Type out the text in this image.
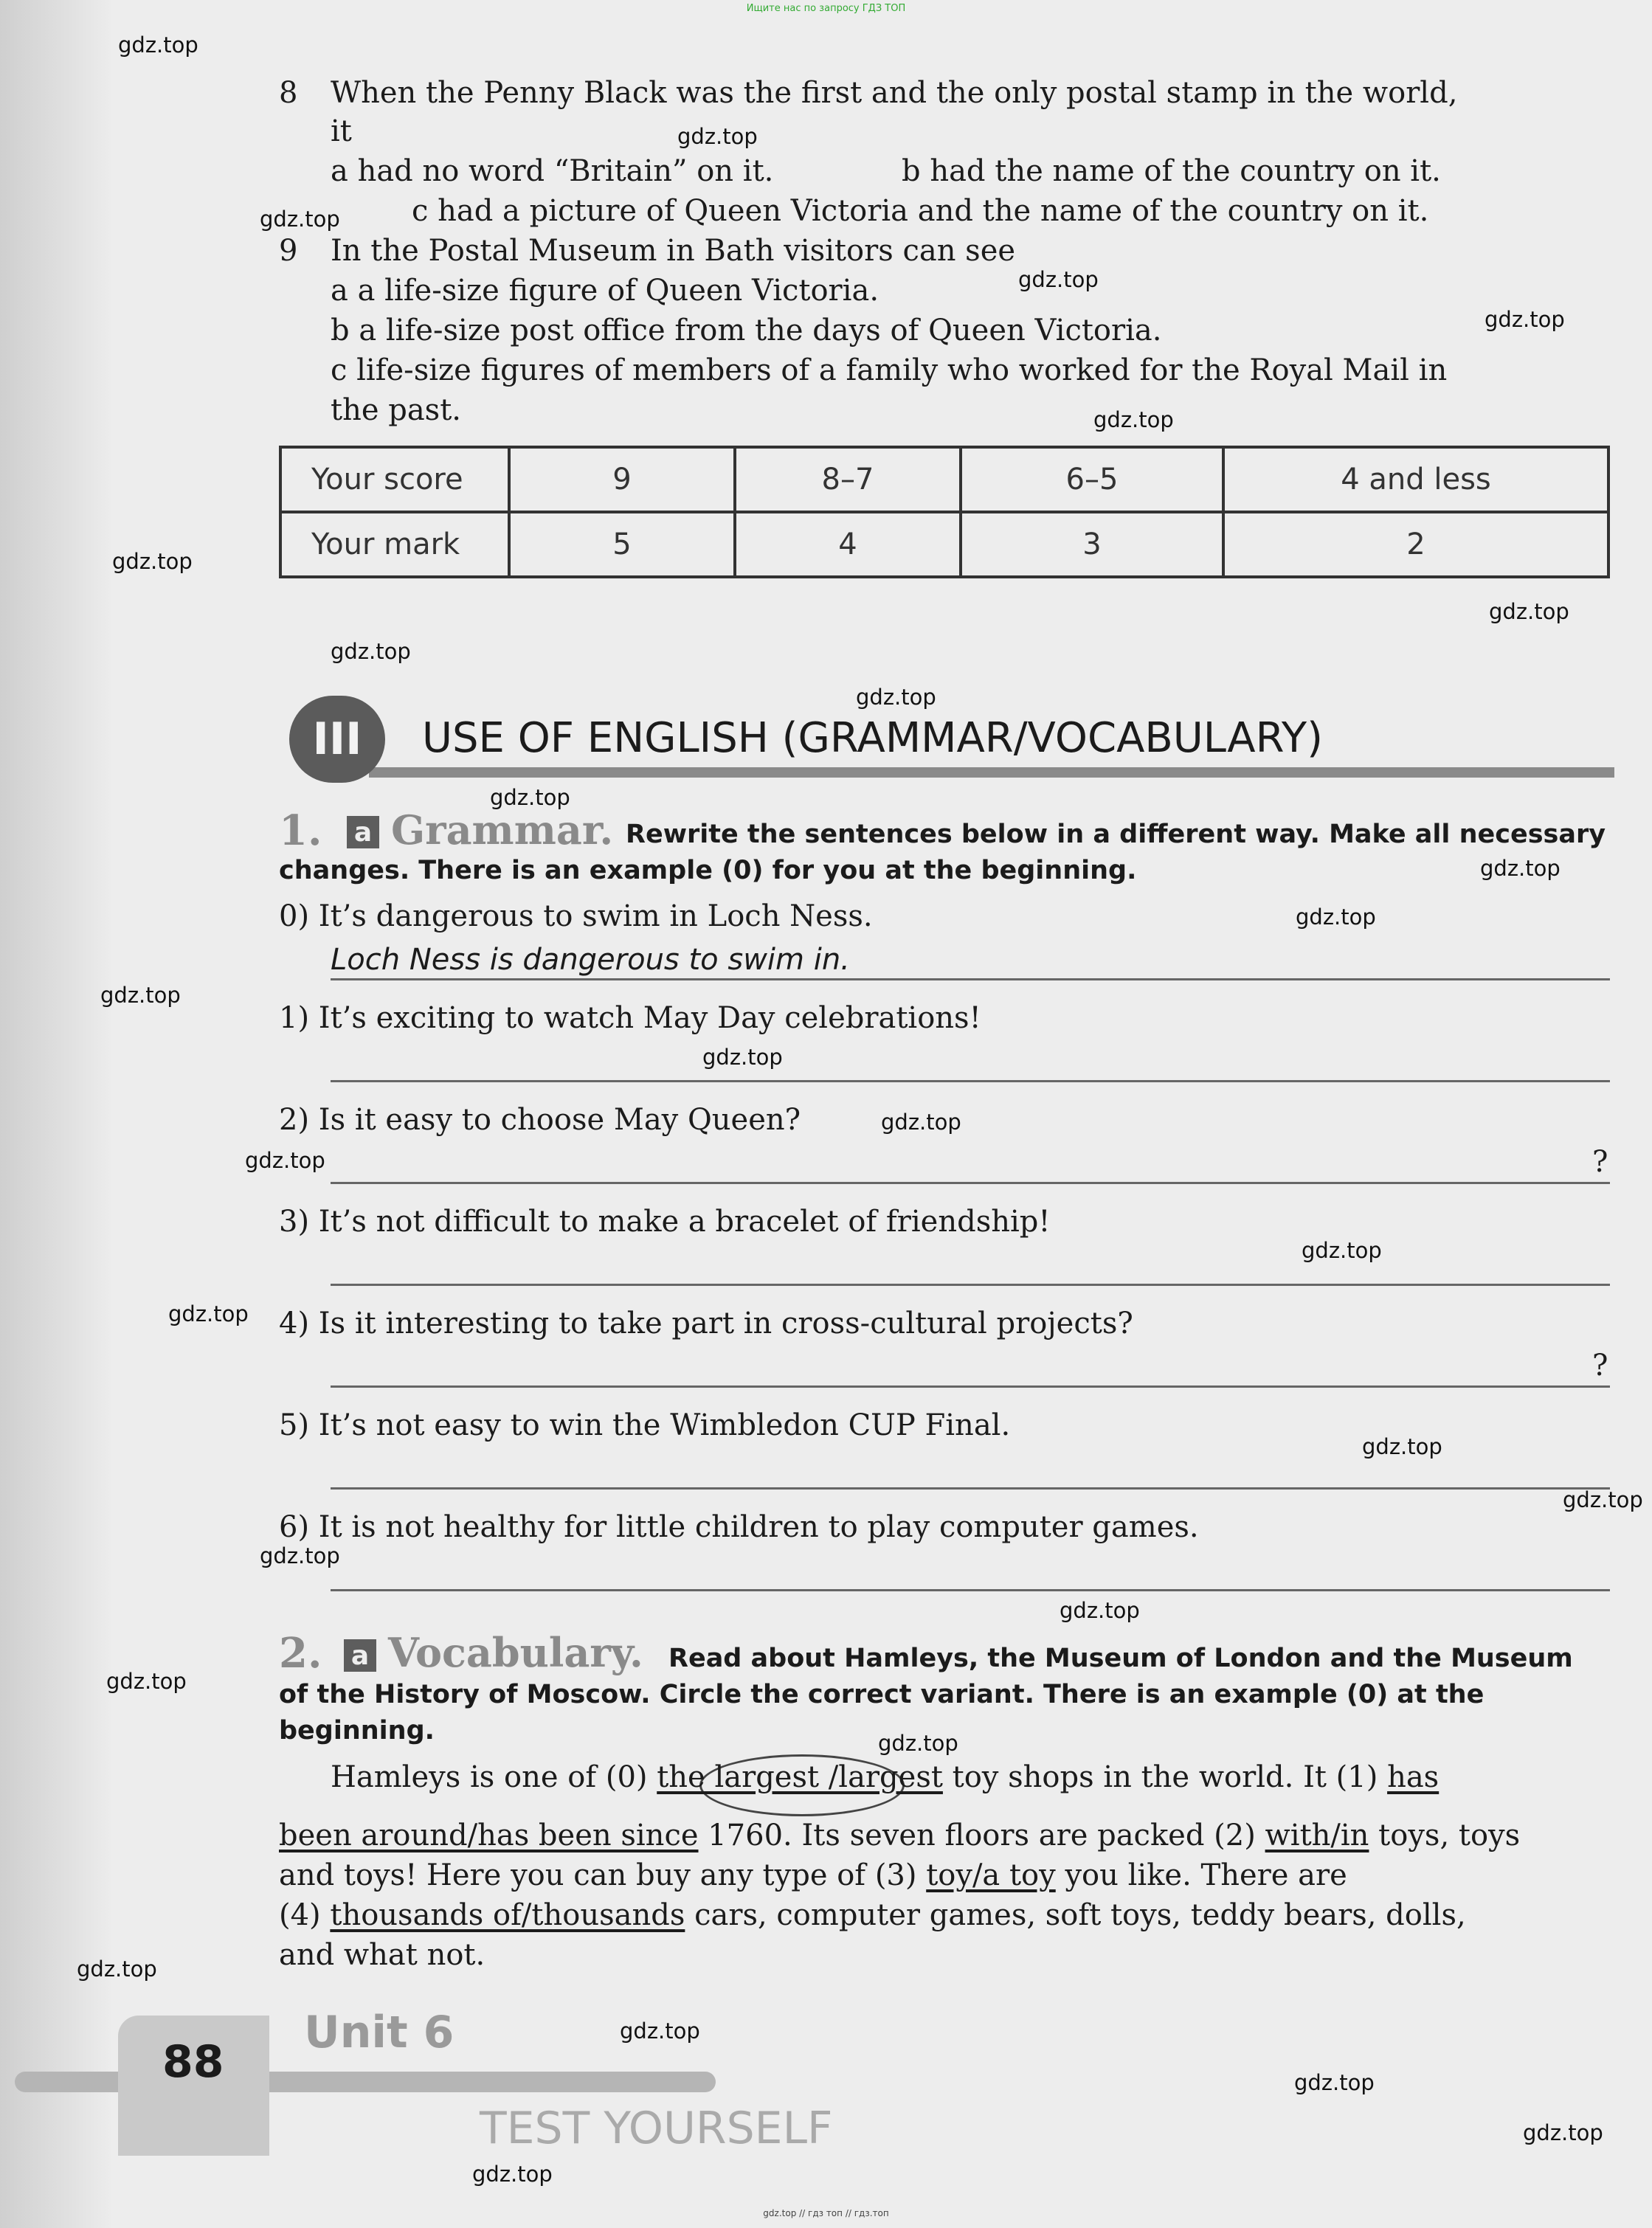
Ищите нас по запросу ГДЗ ТОП
8 When the Penny Black was the first and the only postal stamp in the world,
it
a had no word “Britain” on it.	b had the name of the country on it.
c had a picture of Queen Victoria and the name of the country on it.
9 In the Postal Museum in Bath visitors can see
a a life-size figure of Queen Victoria.
b a life-size post office from the days of Queen Victoria.
c life-size figures of members of a family who worked for the Royal Mail in
the past.
Your score	9	8–7	6–5	4 and less
Your mark	5	4	3	2
III	USE OF ENGLISH (GRAMMAR/VOCABULARY)
1. a Grammar. Rewrite the sentences below in a different way. Make all necessary
changes. There is an example (0) for you at the beginning.
0) It’s dangerous to swim in Loch Ness.
Loch Ness is dangerous to swim in.
1) It’s exciting to watch May Day celebrations!
2) Is it easy to choose May Queen?
?
3) It’s not difficult to make a bracelet of friendship!
4) Is it interesting to take part in cross-cultural projects?
?
5) It’s not easy to win the Wimbledon CUP Final.
6) It is not healthy for little children to play computer games.
2. a Vocabulary. Read about Hamleys, the Museum of London and the Museum
of the History of Moscow. Circle the correct variant. There is an example (0) at the
beginning.
Hamleys is one of (0) the largest /largest toy shops in the world. It (1) has
been around/has been since 1760. Its seven floors are packed (2) with/in toys, toys
and toys! Here you can buy any type of (3) toy/a toy you like. There are
(4) thousands of/thousands cars, computer games, soft toys, teddy bears, dolls,
and what not.
88
Unit 6
TEST YOURSELF
gdz.top
gdz.top
gdz.top
gdz.top
gdz.top
gdz.top
gdz.top
gdz.top
gdz.top
gdz.top
gdz.top
gdz.top
gdz.top
gdz.top
gdz.top
gdz.top
gdz.top
gdz.top
gdz.top
gdz.top
gdz.top
gdz.top
gdz.top
gdz.top
gdz.top
gdz.top
gdz.top
gdz.top
gdz.top
gdz.top
gdz.top // гдз топ // гдз.топ
